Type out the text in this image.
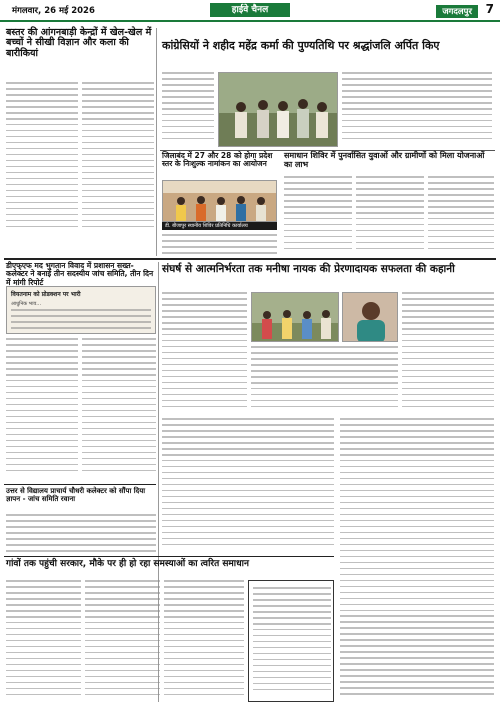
मंगलवार, 26 मई 2026	हाईवे चैनल	जगदलपुर	7
बस्तर की आंगनबाड़ी केन्द्रों में खेल-खेल में बच्चों ने सीखी विज्ञान और कला की बारीकियां
कांग्रेसियों ने शहीद महेंद्र कर्मा की पुण्यतिथि पर श्रद्धांजलि अर्पित किए
जिलाबंद में 27 और 28 को होगा प्रदेश स्तर के निःशुल्क नामांकन का आयोजन
डी. बीजापुर स्थानीय शिविर प्रतिनिधि कार्यालय
समाधान शिविर में पुनर्वासित युवाओं और ग्रामीणों को मिला योजनाओं का लाभ
डीएफ्एफ मद भुगतान विवाद में प्रशासन सख्त- कलेक्टर ने बनाई तीन सदस्यीय जांच समिति, तीन दिन में मांगी रिपोर्ट
वियतनाम को प्रोडक्शन पर भारी
आधुनिक भाव...
संघर्ष से आत्मनिर्भरता तक मनीषा नायक की प्रेरणादायक सफलता की कहानी
उत्तर से विद्यालय प्राचार्य चौधरी कलेक्टर को सौंपा दिया ज्ञापन - जांच समिति रवाना
गांवों तक पहुंची सरकार, मौके पर ही हो रहा समस्याओं का त्वरित समाधान
